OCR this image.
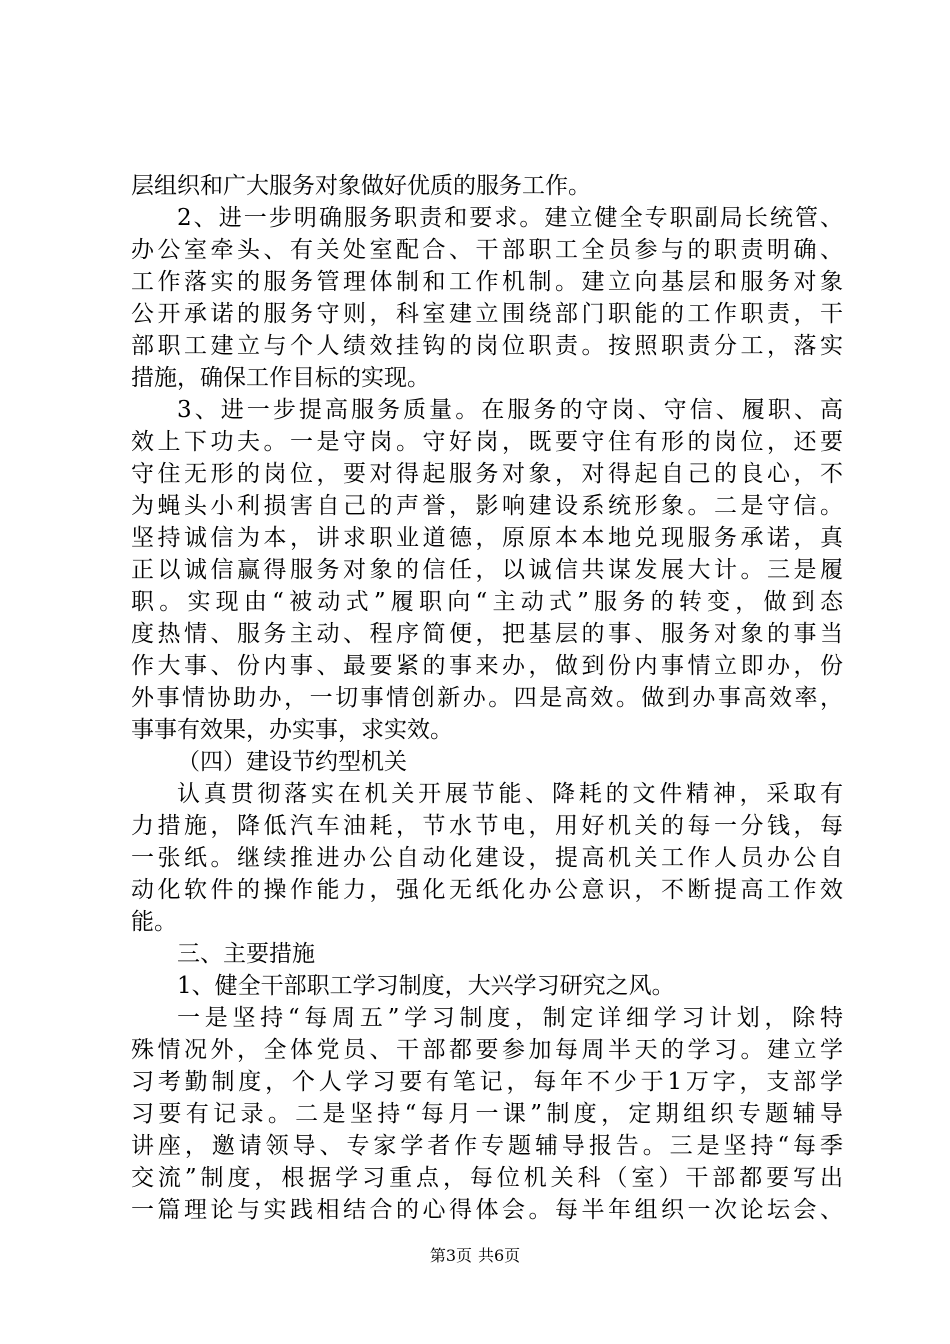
层组织和广大服务对象做好优质的服务工作。
2、进一步明确服务职责和要求。建立健全专职副局长统管、
办公室牵头、有关处室配合、干部职工全员参与的职责明确、
工作落实的服务管理体制和工作机制。建立向基层和服务对象
公开承诺的服务守则，科室建立围绕部门职能的工作职责，干
部职工建立与个人绩效挂钩的岗位职责。按照职责分工，落实
措施，确保工作目标的实现。
3、进一步提高服务质量。在服务的守岗、守信、履职、高
效上下功夫。一是守岗。守好岗，既要守住有形的岗位，还要
守住无形的岗位，要对得起服务对象，对得起自己的良心，不
为蝇头小利损害自己的声誉，影响建设系统形象。二是守信。
坚持诚信为本，讲求职业道德，原原本本地兑现服务承诺，真
正以诚信赢得服务对象的信任，以诚信共谋发展大计。三是履
职。实现由“被动式”履职向“主动式”服务的转变，做到态
度热情、服务主动、程序简便，把基层的事、服务对象的事当
作大事、份内事、最要紧的事来办，做到份内事情立即办，份
外事情协助办，一切事情创新办。四是高效。做到办事高效率，
事事有效果，办实事，求实效。
（四）建设节约型机关
认真贯彻落实在机关开展节能、降耗的文件精神，采取有
力措施，降低汽车油耗，节水节电，用好机关的每一分钱，每
一张纸。继续推进办公自动化建设，提高机关工作人员办公自
动化软件的操作能力，强化无纸化办公意识，不断提高工作效
能。
三、主要措施
1、健全干部职工学习制度，大兴学习研究之风。
一是坚持“每周五”学习制度，制定详细学习计划，除特
殊情况外，全体党员、干部都要参加每周半天的学习。建立学
习考勤制度，个人学习要有笔记，每年不少于1万字，支部学
习要有记录。二是坚持“每月一课”制度，定期组织专题辅导
讲座，邀请领导、专家学者作专题辅导报告。三是坚持“每季
交流”制度，根据学习重点，每位机关科（室）干部都要写出
一篇理论与实践相结合的心得体会。每半年组织一次论坛会、
第3页 共6页
